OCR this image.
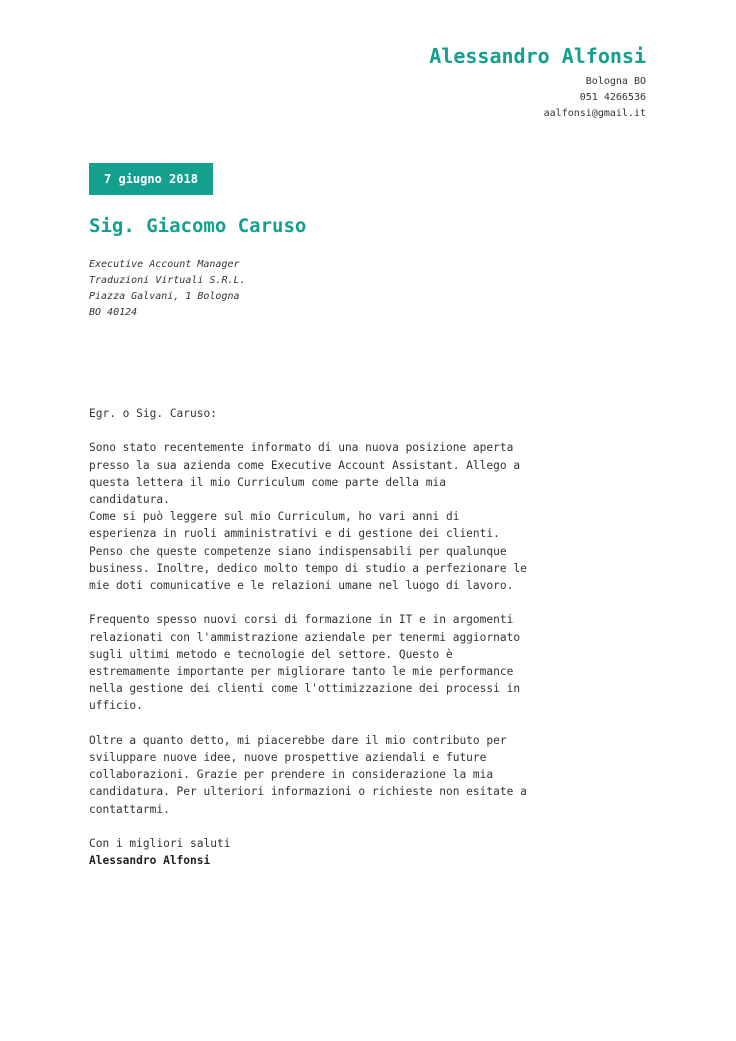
Alessandro Alfonsi
Bologna BO
051 4266536
aalfonsi@gmail.it
7 giugno 2018
Sig. Giacomo Caruso
Executive Account Manager
Traduzioni Virtuali S.R.L.
Piazza Galvani, 1 Bologna
BO 40124

Egr. o Sig. Caruso:

Sono stato recentemente informato di una nuova posizione aperta
presso la sua azienda come Executive Account Assistant. Allego a
questa lettera il mio Curriculum come parte della mia
candidatura.
Come si può leggere sul mio Curriculum, ho vari anni di
esperienza in ruoli amministrativi e di gestione dei clienti.
Penso che queste competenze siano indispensabili per qualunque
business. Inoltre, dedico molto tempo di studio a perfezionare le
mie doti comunicative e le relazioni umane nel luogo di lavoro.

Frequento spesso nuovi corsi di formazione in IT e in argomenti
relazionati con l'ammistrazione aziendale per tenermi aggiornato
sugli ultimi metodo e tecnologie del settore. Questo è
estremamente importante per migliorare tanto le mie performance
nella gestione dei clienti come l'ottimizzazione dei processi in
ufficio.

Oltre a quanto detto, mi piacerebbe dare il mio contributo per
sviluppare nuove idee, nuove prospettive aziendali e future
collaborazioni. Grazie per prendere in considerazione la mia
candidatura. Per ulteriori informazioni o richieste non esitate a
contattarmi.

Con i migliori saluti
Alessandro Alfonsi
